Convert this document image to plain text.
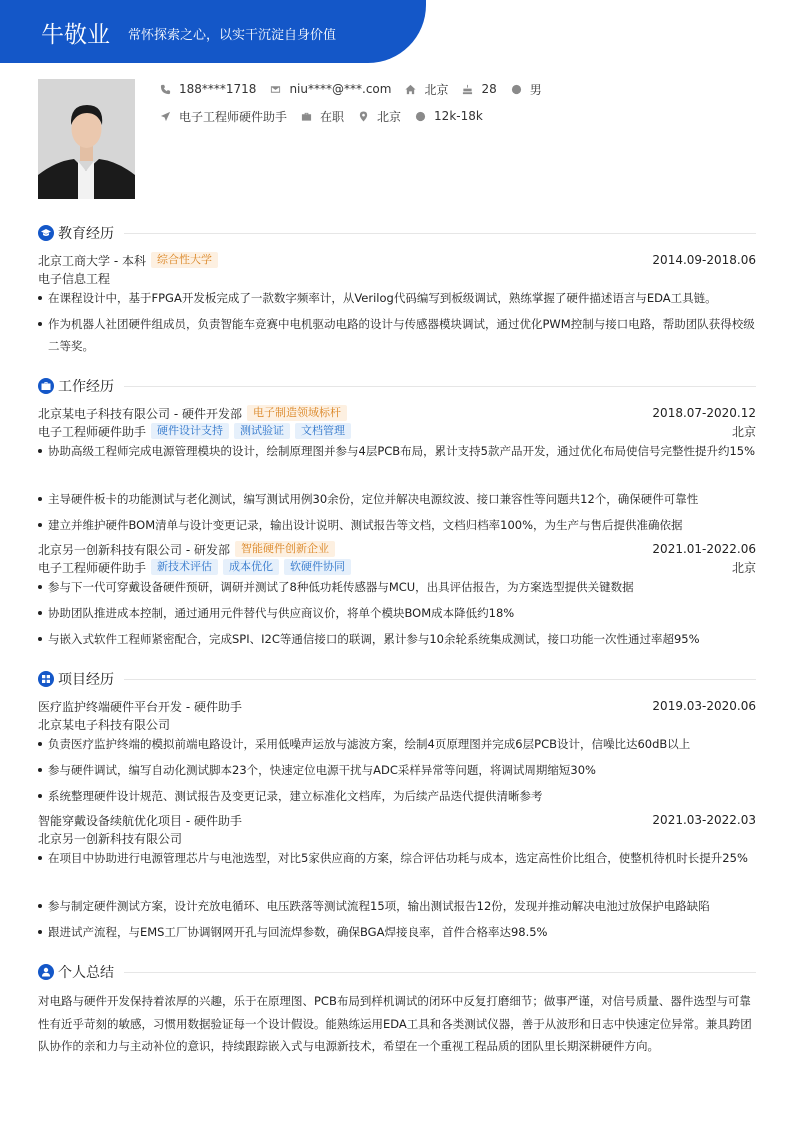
牛敬业 常怀探索之心，以实干沉淀自身价值
188****1718	niu****@***.com	北京	28	男
电子工程师硬件助手	在职	北京	12k-18k
教育经历
北京工商大学 - 本科	综合性大学	2014.09-2018.06
电子信息工程
在课程设计中，基于FPGA开发板完成了一款数字频率计，从Verilog代码编写到板级调试，熟练掌握了硬件描述语言与EDA工具链。
作为机器人社团硬件组成员，负责智能车竞赛中电机驱动电路的设计与传感器模块调试，通过优化PWM控制与接口电路，帮助团队获得校级二等奖。
工作经历
北京某电子科技有限公司 - 硬件开发部	电子制造领域标杆	2018.07-2020.12
电子工程师硬件助手	硬件设计支持	测试验证	文档管理	北京
协助高级工程师完成电源管理模块的设计，绘制原理图并参与4层PCB布局，累计支持5款产品开发，通过优化布局使信号完整性提升约15%
主导硬件板卡的功能测试与老化测试，编写测试用例30余份，定位并解决电源纹波、接口兼容性等问题共12个，确保硬件可靠性
建立并维护硬件BOM清单与设计变更记录，输出设计说明、测试报告等文档，文档归档率100%，为生产与售后提供准确依据
北京另一创新科技有限公司 - 研发部	智能硬件创新企业	2021.01-2022.06
电子工程师硬件助手	新技术评估	成本优化	软硬件协同	北京
参与下一代可穿戴设备硬件预研，调研并测试了8种低功耗传感器与MCU，出具评估报告，为方案选型提供关键数据
协助团队推进成本控制，通过通用元件替代与供应商议价，将单个模块BOM成本降低约18%
与嵌入式软件工程师紧密配合，完成SPI、I2C等通信接口的联调，累计参与10余轮系统集成测试，接口功能一次性通过率超95%
项目经历
医疗监护终端硬件平台开发 - 硬件助手	2019.03-2020.06
北京某电子科技有限公司
负责医疗监护终端的模拟前端电路设计，采用低噪声运放与滤波方案，绘制4页原理图并完成6层PCB设计，信噪比达60dB以上
参与硬件调试，编写自动化测试脚本23个，快速定位电源干扰与ADC采样异常等问题，将调试周期缩短30%
系统整理硬件设计规范、测试报告及变更记录，建立标准化文档库，为后续产品迭代提供清晰参考
智能穿戴设备续航优化项目 - 硬件助手	2021.03-2022.03
北京另一创新科技有限公司
在项目中协助进行电源管理芯片与电池选型，对比5家供应商的方案，综合评估功耗与成本，选定高性价比组合，使整机待机时长提升25%
参与制定硬件测试方案，设计充放电循环、电压跌落等测试流程15项，输出测试报告12份，发现并推动解决电池过放保护电路缺陷
跟进试产流程，与EMS工厂协调钢网开孔与回流焊参数，确保BGA焊接良率，首件合格率达98.5%
个人总结
对电路与硬件开发保持着浓厚的兴趣，乐于在原理图、PCB布局到样机调试的闭环中反复打磨细节；做事严谨，对信号质量、器件选型与可靠性有近乎苛刻的敏感，习惯用数据验证每一个设计假设。能熟练运用EDA工具和各类测试仪器，善于从波形和日志中快速定位异常。兼具跨团队协作的亲和力与主动补位的意识，持续跟踪嵌入式与电源新技术，希望在一个重视工程品质的团队里长期深耕硬件方向。
